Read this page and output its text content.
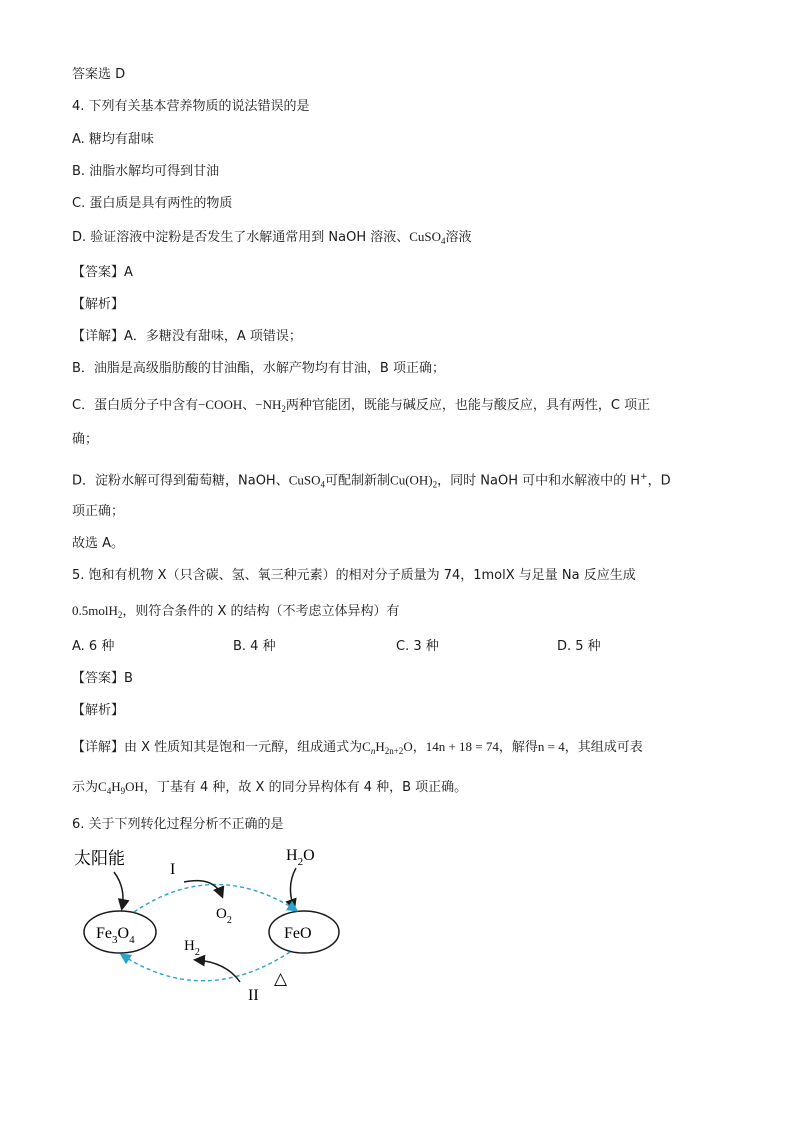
答案选 D
4. 下列有关基本营养物质的说法错误的是
A. 糖均有甜味
B. 油脂水解均可得到甘油
C. 蛋白质是具有两性的物质
D. 验证溶液中淀粉是否发生了水解通常用到 NaOH 溶液、CuSO$_4$溶液
【答案】A
【解析】
【详解】A．多糖没有甜味，A 项错误；
B．油脂是高级脂肪酸的甘油酯，水解产物均有甘油，B 项正确；
C．蛋白质分子中含有−COOH、$-NH_2$两种官能团，既能与碱反应，也能与酸反应，具有两性，C 项正
确；
D．淀粉水解可得到葡萄糖，NaOH、CuSO$_4$可配制新制$Cu(OH)_2$，同时 NaOH 可中和水解液中的 H+，D
项正确；
故选 A。
5. 饱和有机物 X（只含碳、氢、氧三种元素）的相对分子质量为 74，1molX 与足量 Na 反应生成
0.5molH$_2$，则符合条件的 X 的结构（不考虑立体异构）有
A. 6 种	B. 4 种	C. 3 种	D. 5 种
【答案】B
【解析】
【详解】由 X 性质知其是饱和一元醇，组成通式为$C_nH_{2n+2}O$，14n + 18 = 74，解得n = 4，其组成可表
示为$C_4H_9OH$，丁基有 4 种，故 X 的同分异构体有 4 种，B 项正确。
6. 关于下列转化过程分析不正确的是
$Fe_3O_4$	FeO
太阳能	$H_2O$
I
$O_2$
II
△
$H_2$
